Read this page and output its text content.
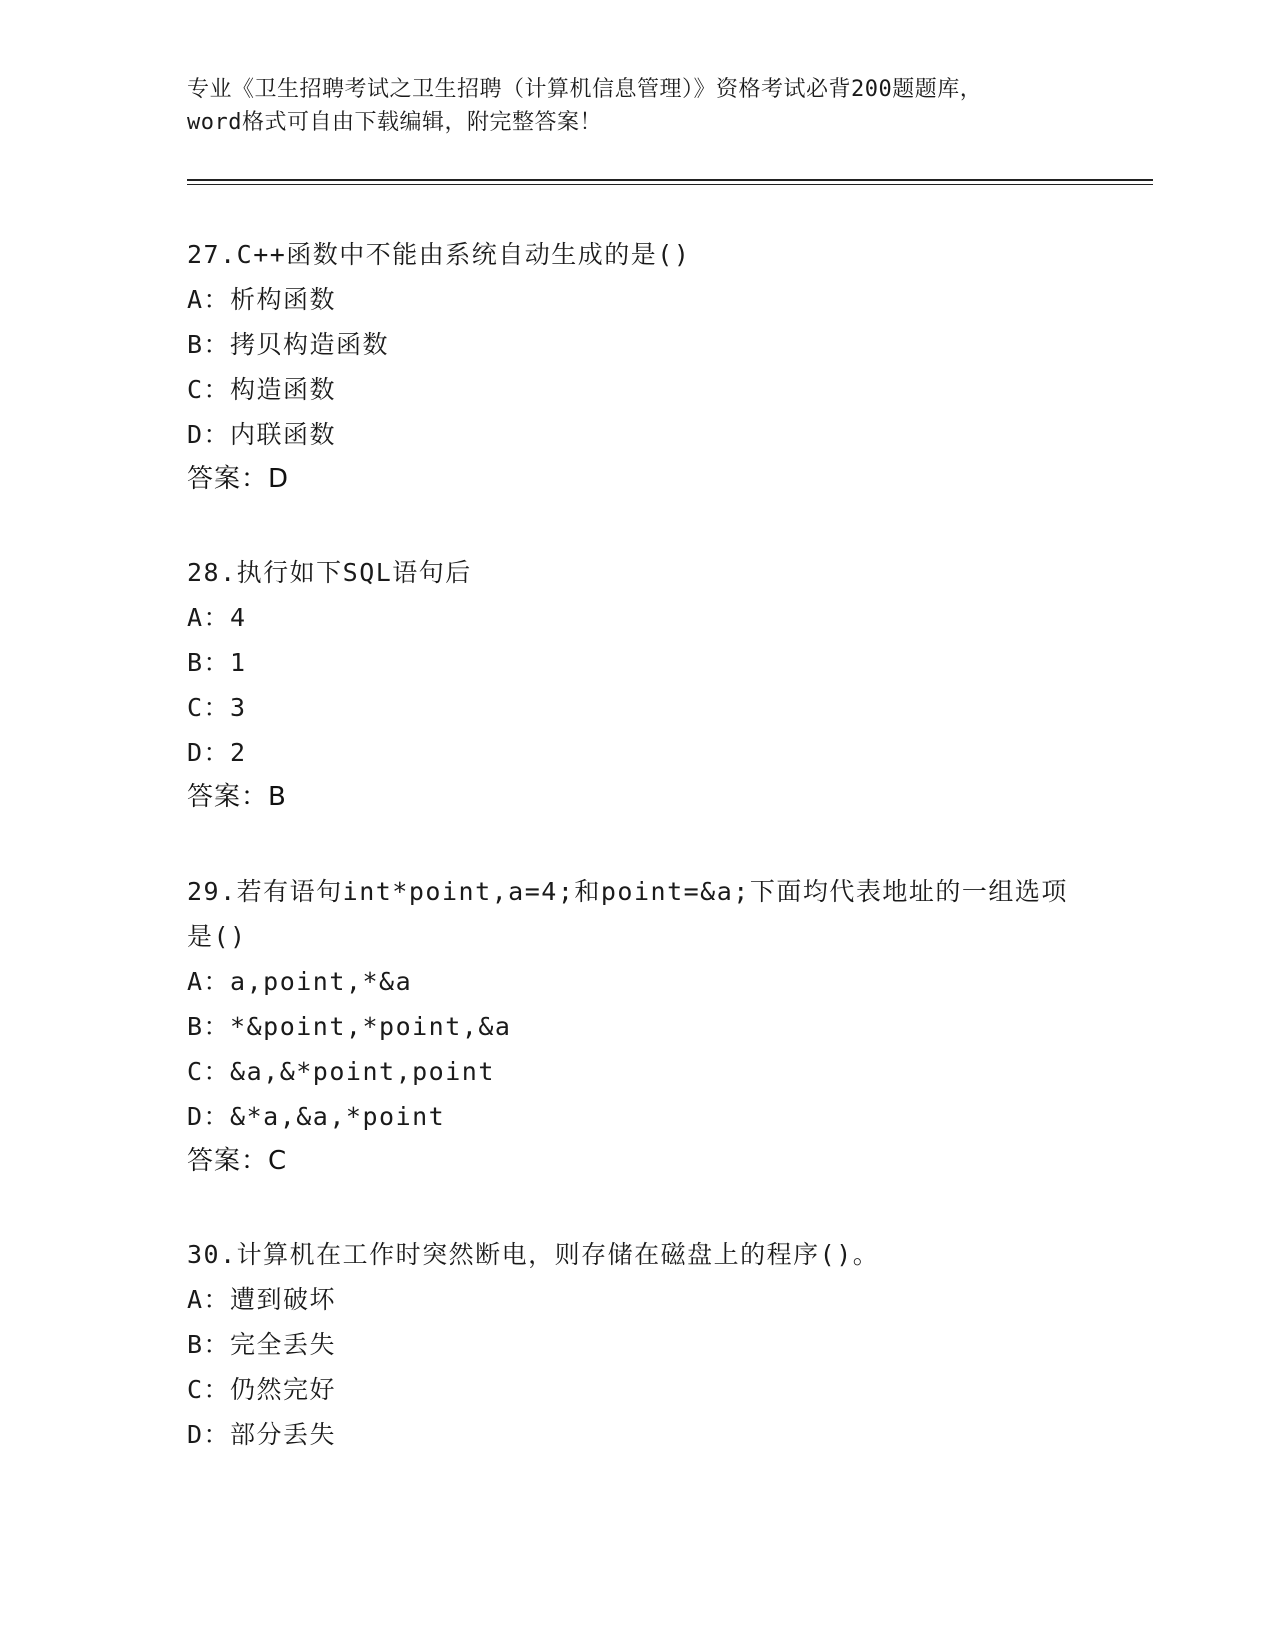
专业《卫生招聘考试之卫生招聘（计算机信息管理）》资格考试必背200题题库，
word格式可自由下载编辑，附完整答案！
27.C++函数中不能由系统自动生成的是()
A：析构函数
B：拷贝构造函数
C：构造函数
D：内联函数
答案：D
28.执行如下SQL语句后
A：4
B：1
C：3
D：2
答案：B
29.若有语句int*point,a=4;和point=&a;下面均代表地址的一组选项是()
A：a,point,*&a
B：*&point,*point,&a
C：&a,&*point,point
D：&*a,&a,*point
答案：C
30.计算机在工作时突然断电，则存储在磁盘上的程序()。
A：遭到破坏
B：完全丢失
C：仍然完好
D：部分丢失
